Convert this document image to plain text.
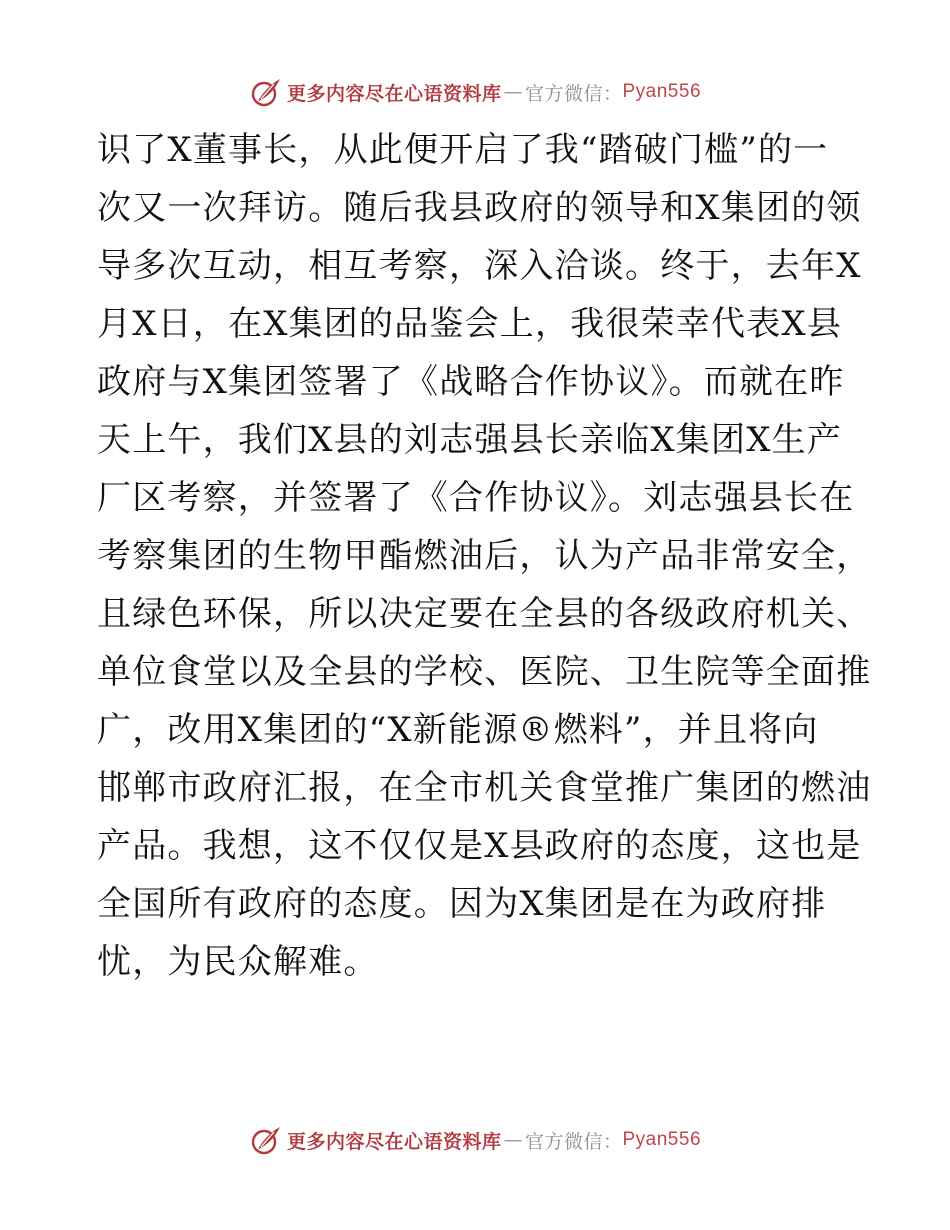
更多内容尽在心语资料库 — 官方微信： Pyan556
识了X董事长，从此便开启了我“踏破门槛”的一
次又一次拜访。随后我县政府的领导和X集团的领
导多次互动，相互考察，深入洽谈。终于，去年X
月X日，在X集团的品鉴会上，我很荣幸代表X县
政府与X集团签署了《战略合作协议》。而就在昨
天上午，我们X县的刘志强县长亲临X集团X生产
厂区考察，并签署了《合作协议》。刘志强县长在
考察集团的生物甲酯燃油后，认为产品非常安全，
且绿色环保，所以决定要在全县的各级政府机关、
单位食堂以及全县的学校、医院、卫生院等全面推
广，改用X集团的“X新能源®燃料”，并且将向
邯郸市政府汇报，在全市机关食堂推广集团的燃油
产品。我想，这不仅仅是X县政府的态度，这也是
全国所有政府的态度。因为X集团是在为政府排
忧，为民众解难。
更多内容尽在心语资料库 — 官方微信： Pyan556
